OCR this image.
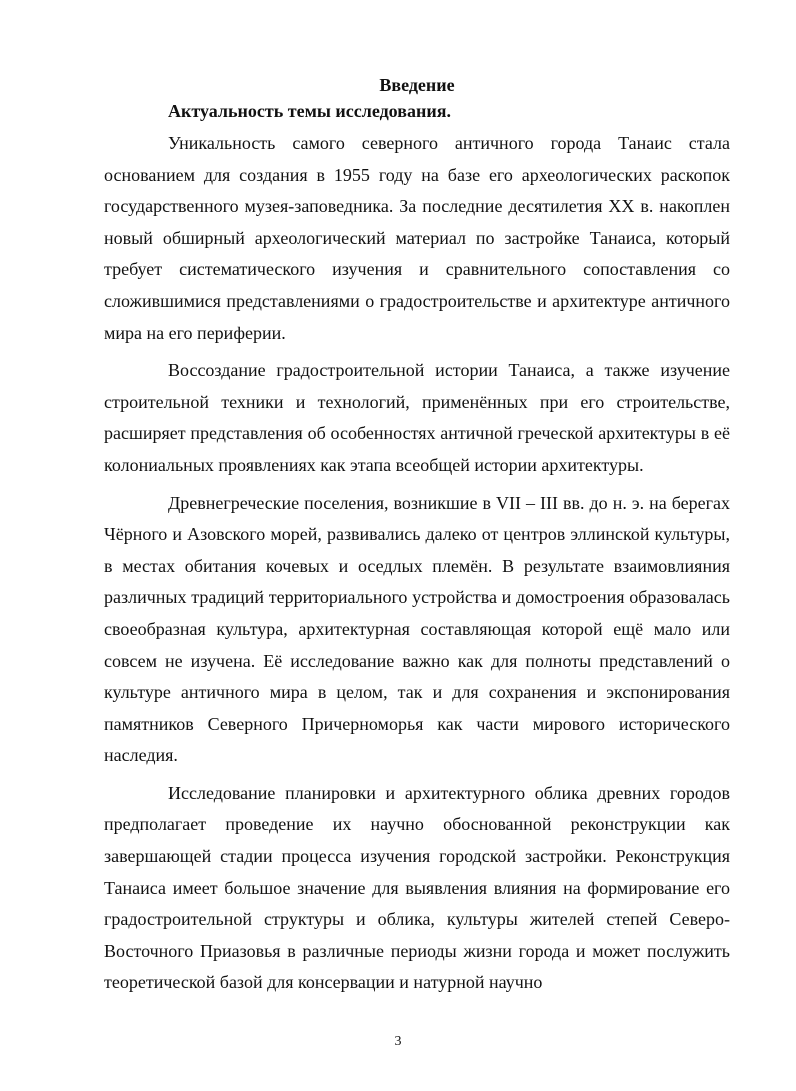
Введение
Актуальность темы исследования.

Уникальность самого северного античного города Танаис стала основанием для создания в 1955 году на базе его археологических раскопок государственного музея-заповедника. За последние десятилетия XX в. накоплен новый обширный археологический материал по застройке Танаиса, который требует систематического изучения и сравнительного сопоставления со сложившимися представлениями о градостроительстве и архитектуре античного мира на его периферии.

Воссоздание градостроительной истории Танаиса, а также изучение строительной техники и технологий, применённых при его строительстве, расширяет представления об особенностях античной греческой архитектуры в её колониальных проявлениях как этапа всеобщей истории архитектуры.

Древнегреческие поселения, возникшие в VII – III вв. до н. э. на берегах Чёрного и Азовского морей, развивались далеко от центров эллинской культуры, в местах обитания кочевых и оседлых племён. В результате взаимовлияния различных традиций территориального устройства и домостроения образовалась своеобразная культура, архитектурная составляющая которой ещё мало или совсем не изучена. Её исследование важно как для полноты представлений о культуре античного мира в целом, так и для сохранения и экспонирования памятников Северного Причерноморья как части мирового исторического наследия.

Исследование планировки и архитектурного облика древних городов предполагает проведение их научно обоснованной реконструкции как завершающей стадии процесса изучения городской застройки. Реконструкция Танаиса имеет большое значение для выявления влияния на формирование его градостроительной структуры и облика, культуры жителей степей Северо-Восточного Приазовья в различные периоды жизни города и может послужить теоретической базой для консервации и натурной научно

3
